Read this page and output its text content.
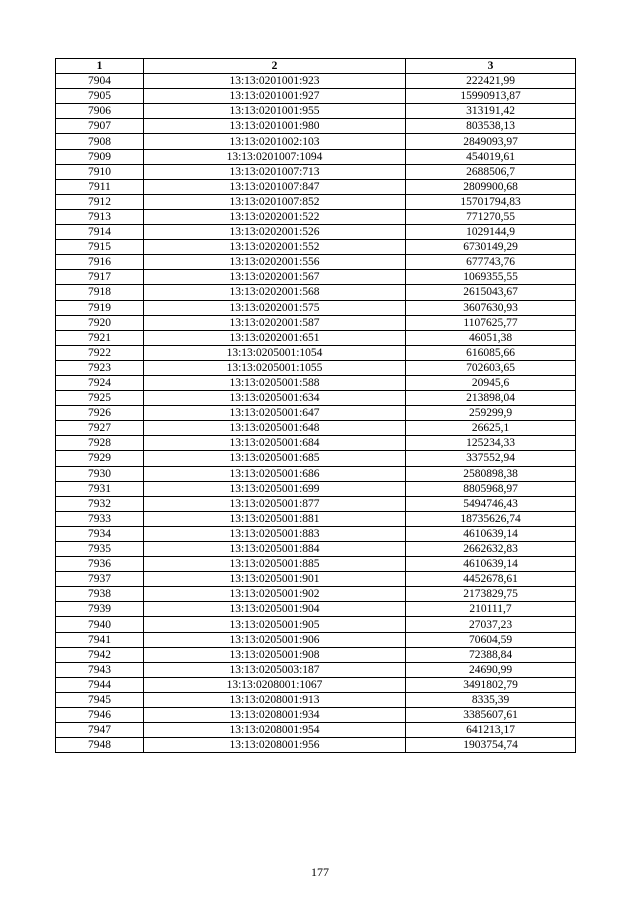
1	2	3
7904	13:13:0201001:923	222421,99
7905	13:13:0201001:927	15990913,87
7906	13:13:0201001:955	313191,42
7907	13:13:0201001:980	803538,13
7908	13:13:0201002:103	2849093,97
7909	13:13:0201007:1094	454019,61
7910	13:13:0201007:713	2688506,7
7911	13:13:0201007:847	2809900,68
7912	13:13:0201007:852	15701794,83
7913	13:13:0202001:522	771270,55
7914	13:13:0202001:526	1029144,9
7915	13:13:0202001:552	6730149,29
7916	13:13:0202001:556	677743,76
7917	13:13:0202001:567	1069355,55
7918	13:13:0202001:568	2615043,67
7919	13:13:0202001:575	3607630,93
7920	13:13:0202001:587	1107625,77
7921	13:13:0202001:651	46051,38
7922	13:13:0205001:1054	616085,66
7923	13:13:0205001:1055	702603,65
7924	13:13:0205001:588	20945,6
7925	13:13:0205001:634	213898,04
7926	13:13:0205001:647	259299,9
7927	13:13:0205001:648	26625,1
7928	13:13:0205001:684	125234,33
7929	13:13:0205001:685	337552,94
7930	13:13:0205001:686	2580898,38
7931	13:13:0205001:699	8805968,97
7932	13:13:0205001:877	5494746,43
7933	13:13:0205001:881	18735626,74
7934	13:13:0205001:883	4610639,14
7935	13:13:0205001:884	2662632,83
7936	13:13:0205001:885	4610639,14
7937	13:13:0205001:901	4452678,61
7938	13:13:0205001:902	2173829,75
7939	13:13:0205001:904	210111,7
7940	13:13:0205001:905	27037,23
7941	13:13:0205001:906	70604,59
7942	13:13:0205001:908	72388,84
7943	13:13:0205003:187	24690,99
7944	13:13:0208001:1067	3491802,79
7945	13:13:0208001:913	8335,39
7946	13:13:0208001:934	3385607,61
7947	13:13:0208001:954	641213,17
7948	13:13:0208001:956	1903754,74
177
